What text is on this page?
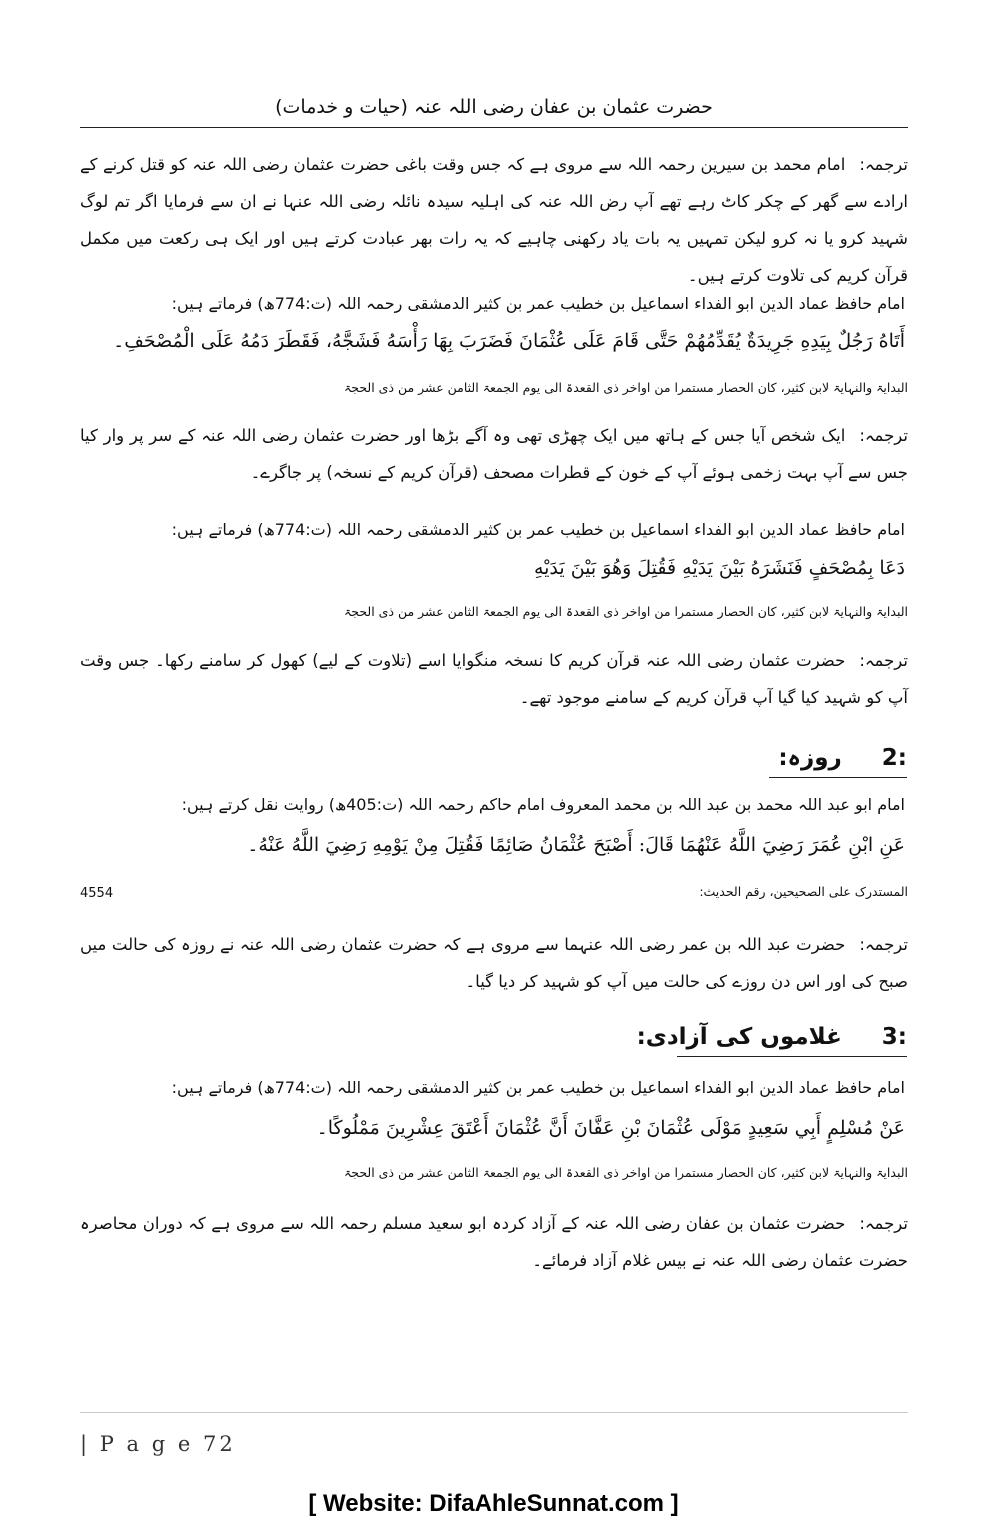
حضرت عثمان بن عفان رضی اللہ عنہ (حیات و خدمات)
ترجمہ:امام محمد بن سیرین رحمہ اللہ سے مروی ہے کہ جس وقت باغی حضرت عثمان رضی اللہ عنہ کو قتل کرنے کے ارادے سے گھر کے چکر کاٹ رہے تھے آپ رض اللہ عنہ کی اہلیہ سیدہ نائلہ رضی اللہ عنہا نے ان سے فرمایا اگر تم لوگ شہید کرو یا نہ کرو لیکن تمہیں یہ بات یاد رکھنی چاہیے کہ یہ رات بھر عبادت کرتے ہیں اور ایک ہی رکعت میں مکمل قرآن کریم کی تلاوت کرتے ہیں۔
امام حافظ عماد الدین ابو الفداء اسماعیل بن خطیب عمر بن کثیر الدمشقی رحمہ اللہ (ت:774ھ) فرماتے ہیں:
أَتَاهُ رَجُلٌ بِيَدِهِ جَرِيدَةٌ يُقَدِّمُهُمْ حَتَّى قَامَ عَلَى عُثْمَانَ فَضَرَبَ بِهَا رَأْسَهُ فَشَجَّهُ، فَقَطَرَ دَمُهُ عَلَى الْمُصْحَفِ۔
البدایۃ والنہایۃ لابن کثیر، کان الحصار مستمرا من اواخر ذی القعدۃ الی یوم الجمعۃ الثامن عشر من ذی الحجۃ
ترجمہ:ایک شخص آیا جس کے ہاتھ میں ایک چھڑی تھی وہ آگے بڑھا اور حضرت عثمان رضی اللہ عنہ کے سر پر وار کیا جس سے آپ بہت زخمی ہوئے آپ کے خون کے قطرات مصحف (قرآن کریم کے نسخہ) پر جاگرے۔
امام حافظ عماد الدین ابو الفداء اسماعیل بن خطیب عمر بن کثیر الدمشقی رحمہ اللہ (ت:774ھ) فرماتے ہیں:
دَعَا بِمُصْحَفٍ فَنَشَرَهُ بَيْنَ يَدَيْهِ فَقُتِلَ وَهُوَ بَيْنَ يَدَيْهِ
البدایۃ والنہایۃ لابن کثیر، کان الحصار مستمرا من اواخر ذی القعدۃ الی یوم الجمعۃ الثامن عشر من ذی الحجۃ
ترجمہ:حضرت عثمان رضی اللہ عنہ قرآن کریم کا نسخہ منگوایا اسے (تلاوت کے لیے) کھول کر سامنے رکھا۔ جس وقت آپ کو شہید کیا گیا آپ قرآن کریم کے سامنے موجود تھے۔
:2روزہ:
امام ابو عبد اللہ محمد بن عبد اللہ بن محمد المعروف امام حاکم رحمہ اللہ (ت:405ھ) روایت نقل کرتے ہیں:
عَنِ ابْنِ عُمَرَ رَضِيَ اللَّهُ عَنْهُمَا قَالَ: أَصْبَحَ عُثْمَانُ صَائِمًا فَقُتِلَ مِنْ يَوْمِهِ رَضِيَ اللَّهُ عَنْهُ۔
المستدرک علی الصحیحین، رقم الحدیث:
4554
ترجمہ:حضرت عبد اللہ بن عمر رضی اللہ عنہما سے مروی ہے کہ حضرت عثمان رضی اللہ عنہ نے روزہ کی حالت میں صبح کی اور اس دن روزے کی حالت میں آپ کو شہید کر دیا گیا۔
:3غلاموں کی آزادی:
امام حافظ عماد الدین ابو الفداء اسماعیل بن خطیب عمر بن کثیر الدمشقی رحمہ اللہ (ت:774ھ) فرماتے ہیں:
عَنْ مُسْلِمٍ أَبِي سَعِيدٍ مَوْلَى عُثْمَانَ بْنِ عَفَّانَ أَنَّ عُثْمَانَ أَعْتَقَ عِشْرِينَ مَمْلُوكًا۔
البدایۃ والنہایۃ لابن کثیر، کان الحصار مستمرا من اواخر ذی القعدۃ الی یوم الجمعۃ الثامن عشر من ذی الحجۃ
ترجمہ:حضرت عثمان بن عفان رضی اللہ عنہ کے آزاد کردہ ابو سعید مسلم رحمہ اللہ سے مروی ہے کہ دوران محاصرہ حضرت عثمان رضی اللہ عنہ نے بیس غلام آزاد فرمائے۔
| P a g e 72
[ Website: DifaAhleSunnat.com ]
